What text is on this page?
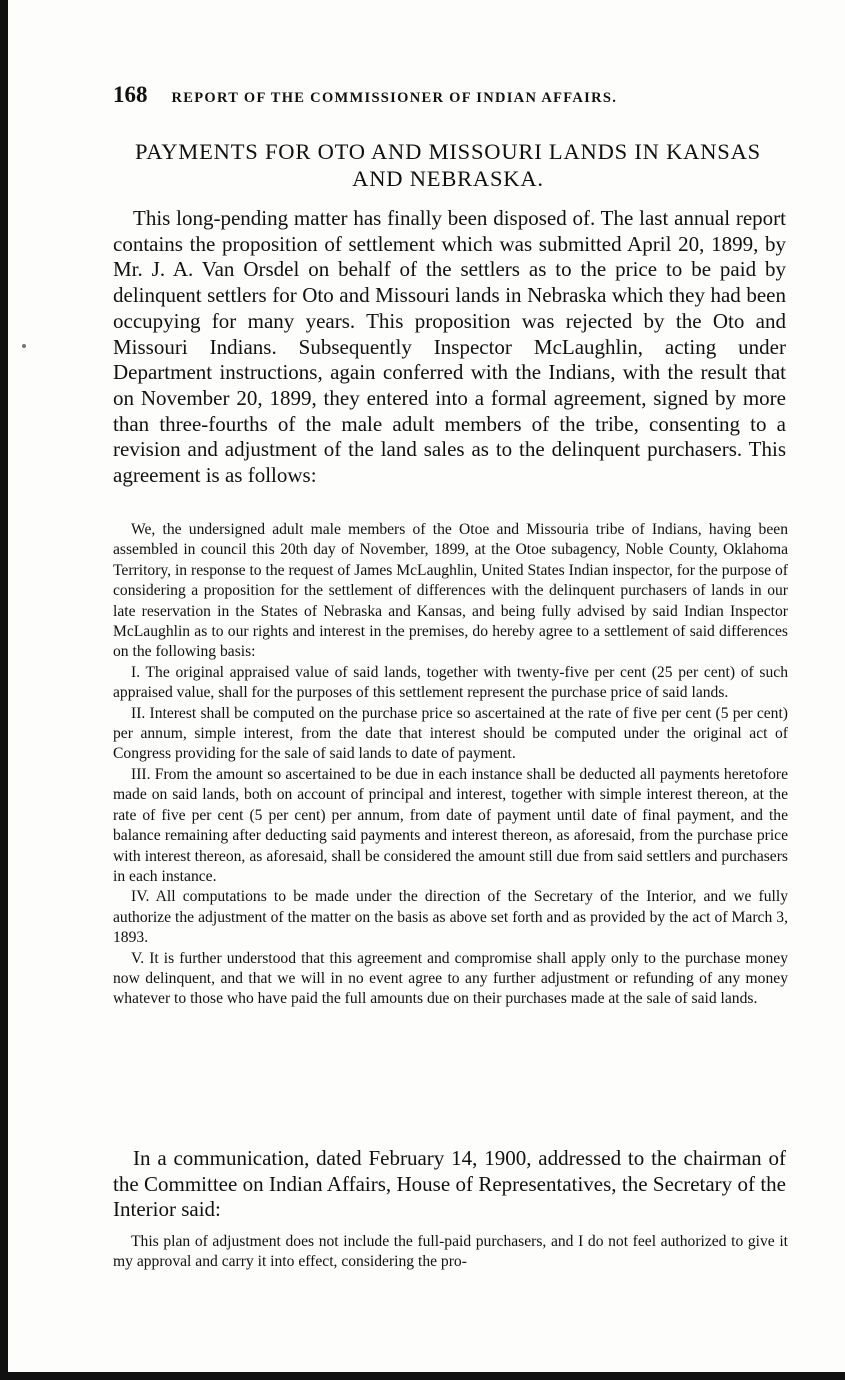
168 REPORT OF THE COMMISSIONER OF INDIAN AFFAIRS.
PAYMENTS FOR OTO AND MISSOURI LANDS IN KANSAS
AND NEBRASKA.

This long-pending matter has finally been disposed of. The last annual report contains the proposition of settlement which was submitted April 20, 1899, by Mr. J. A. Van Orsdel on behalf of the settlers as to the price to be paid by delinquent settlers for Oto and Missouri lands in Nebraska which they had been occupying for many years. This proposition was rejected by the Oto and Missouri Indians. Subsequently Inspector McLaughlin, acting under Department instructions, again conferred with the Indians, with the result that on November 20, 1899, they entered into a formal agreement, signed by more than three-fourths of the male adult members of the tribe, consenting to a revision and adjustment of the land sales as to the delinquent purchasers. This agreement is as follows:

We, the undersigned adult male members of the Otoe and Missouria tribe of Indians, having been assembled in council this 20th day of November, 1899, at the Otoe subagency, Noble County, Oklahoma Territory, in response to the request of James McLaughlin, United States Indian inspector, for the purpose of considering a proposition for the settlement of differences with the delinquent purchasers of lands in our late reservation in the States of Nebraska and Kansas, and being fully advised by said Indian Inspector McLaughlin as to our rights and interest in the premises, do hereby agree to a settlement of said differences on the following basis:

I. The original appraised value of said lands, together with twenty-five per cent (25 per cent) of such appraised value, shall for the purposes of this settlement represent the purchase price of said lands.

II. Interest shall be computed on the purchase price so ascertained at the rate of five per cent (5 per cent) per annum, simple interest, from the date that interest should be computed under the original act of Congress providing for the sale of said lands to date of payment.

III. From the amount so ascertained to be due in each instance shall be deducted all payments heretofore made on said lands, both on account of principal and interest, together with simple interest thereon, at the rate of five per cent (5 per cent) per annum, from date of payment until date of final payment, and the balance remaining after deducting said payments and interest thereon, as aforesaid, from the purchase price with interest thereon, as aforesaid, shall be considered the amount still due from said settlers and purchasers in each instance.

IV. All computations to be made under the direction of the Secretary of the Interior, and we fully authorize the adjustment of the matter on the basis as above set forth and as provided by the act of March 3, 1893.

V. It is further understood that this agreement and compromise shall apply only to the purchase money now delinquent, and that we will in no event agree to any further adjustment or refunding of any money whatever to those who have paid the full amounts due on their purchases made at the sale of said lands.

In a communication, dated February 14, 1900, addressed to the chairman of the Committee on Indian Affairs, House of Representatives, the Secretary of the Interior said:

This plan of adjustment does not include the full-paid purchasers, and I do not feel authorized to give it my approval and carry it into effect, considering the pro-
